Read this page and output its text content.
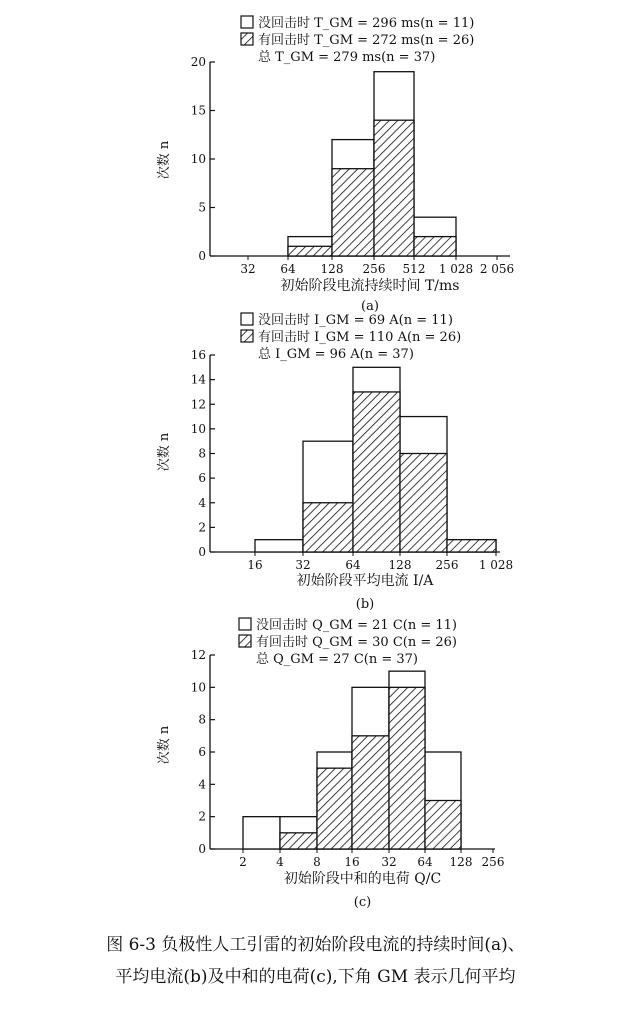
没回击时 T_GM = 296 ms(n = 11)
有回击时 T_GM = 272 ms(n = 26)
总 T_GM = 279 ms(n = 37)
0
5
10
15
20
次数 n
32 64 128 256 512 1 028 2 056
初始阶段电流持续时间 T/ms
(a)
没回击时 I_GM = 69 A(n = 11)
有回击时 I_GM = 110 A(n = 26)
总 I_GM = 96 A(n = 37)
0
2
4
6
8
10
12
14
16
次数 n
16	32	64 128 256 1 028
初始阶段平均电流 I/A
(b)
没回击时 Q_GM = 21 C(n = 11)
有回击时 Q_GM = 30 C(n = 26)
总 Q_GM = 27 C(n = 37)
0
2
4
6
8
10
12
次数 n
2 4 8 16 32 64 128 256
初始阶段中和的电荷 Q/C
(c)
图 6-3 负极性人工引雷的初始阶段电流的持续时间(a)、
平均电流(b)及中和的电荷(c),下角 GM 表示几何平均
